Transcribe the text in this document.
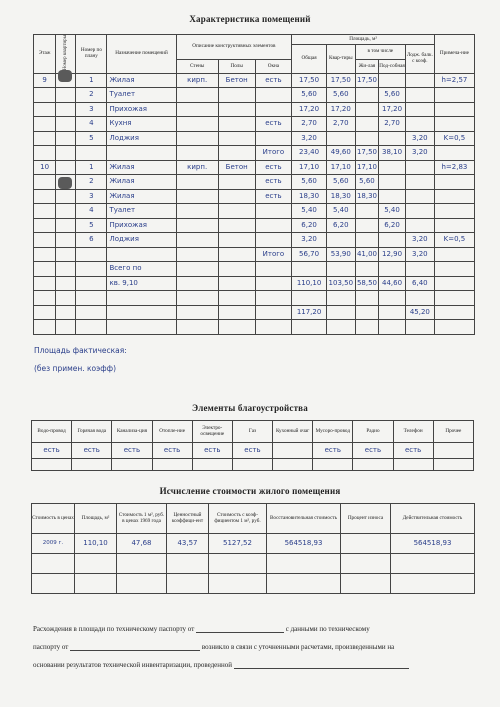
Характеристика помещений
Этаж	Номер квартиры	Номер по плану	Назначение помещений	Описание конструктивных элементов			Площадь, м²					Примеча-ние
							Общая	Квар-тиры	в том числе		Лодж. балк. с коэф.	
				Стены	Полы	Окна			Жи-лая	Под-собная		
9		1	Жилая	кирп.	Бетон	есть	17,50	17,50	17,50			h=2,57
		2	Туалет				5,60	5,60		5,60		
		3	Прихожая				17,20	17,20		17,20		
		4	Кухня			есть	2,70	2,70		2,70		
		5	Лоджия				3,20				3,20	K=0,5
						Итого	23,40	49,60	17,50	38,10	3,20	
10		1	Жилая	кирп.	Бетон	есть	17,10	17,10	17,10			h=2,83
		2	Жилая			есть	5,60	5,60	5,60			
		3	Жилая			есть	18,30	18,30	18,30			
		4	Туалет				5,40	5,40		5,40		
		5	Прихожая				6,20	6,20		6,20		
		6	Лоджия				3,20				3,20	K=0,5
						Итого	56,70	53,90	41,00	12,90	3,20	
			Всего по									
			кв. 9,10				110,10	103,50	58,50	44,60	6,40	

							117,20				45,20	

Площадь фактическая:
(без примен. коэфф)
Элементы благоустройства
Водо-провод	Горячая вода	Канализа-ция	Отопле-ние	Электро-освещение	Газ	Кухонный очаг	Мусоро-провод	Радио	Телефон	Прочее
есть	есть	есть	есть	есть	есть		есть	есть	есть	

Исчисление стоимости жилого помещения
Стоимость в ценах	Площадь, м²	Стоимость 1 м², руб. в ценах 1969 года	Ценностный коэффици-ент	Стоимость с коэф-фициентом 1 м², руб.	Восстановительная стоимость	Процент износа	Действительная стоимость
2009 г.	110,10	47,68	43,57	5127,52	564518,93		564518,93

Расхождения в площади по техническому паспорту от	с данными по техническому
паспорту от	возникло в связи с уточненными расчетами, произведенными на
основании результатов технической инвентаризации, проведенной
